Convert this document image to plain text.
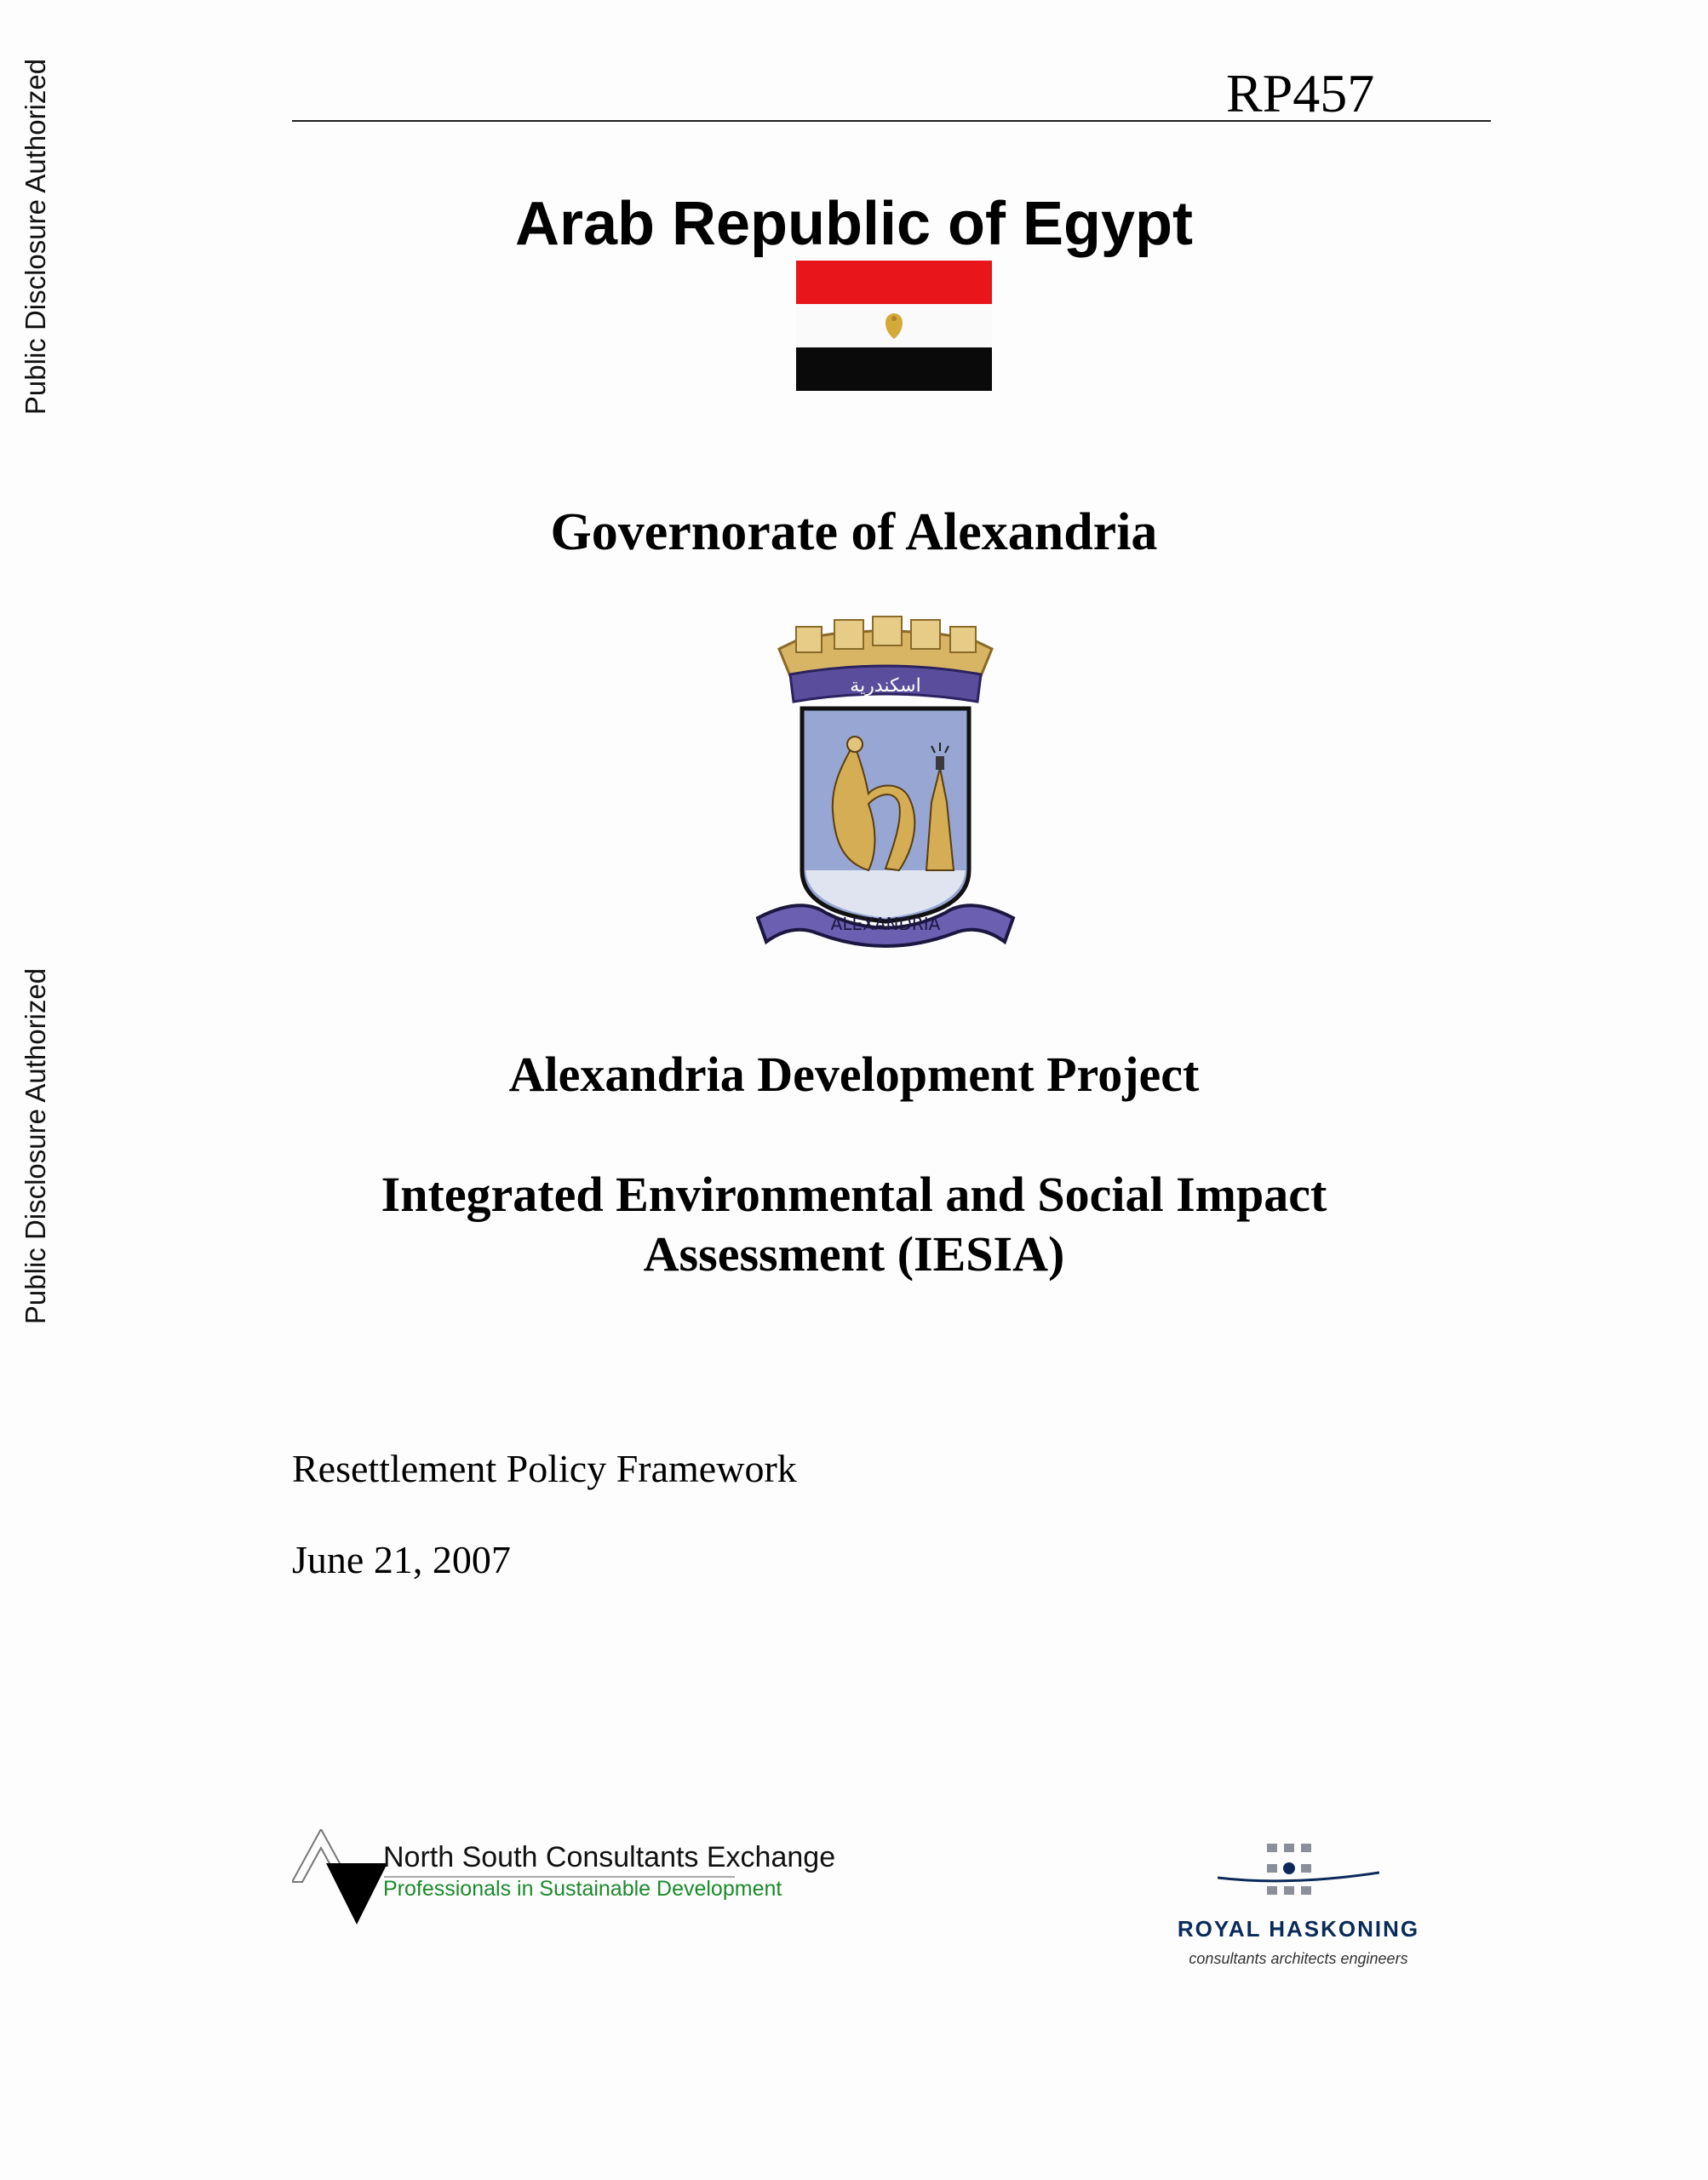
Public Disclosure Authorized
Public Disclosure Authorized
RP457
Arab Republic of Egypt
Governorate of Alexandria
اسكندرية
ALEXANDRIA
Alexandria Development Project
Integrated Environmental and Social Impact
Assessment (IESIA)
Resettlement Policy Framework
June 21, 2007
North South Consultants Exchange
Professionals in Sustainable Development
ROYAL HASKONING
consultants architects engineers
